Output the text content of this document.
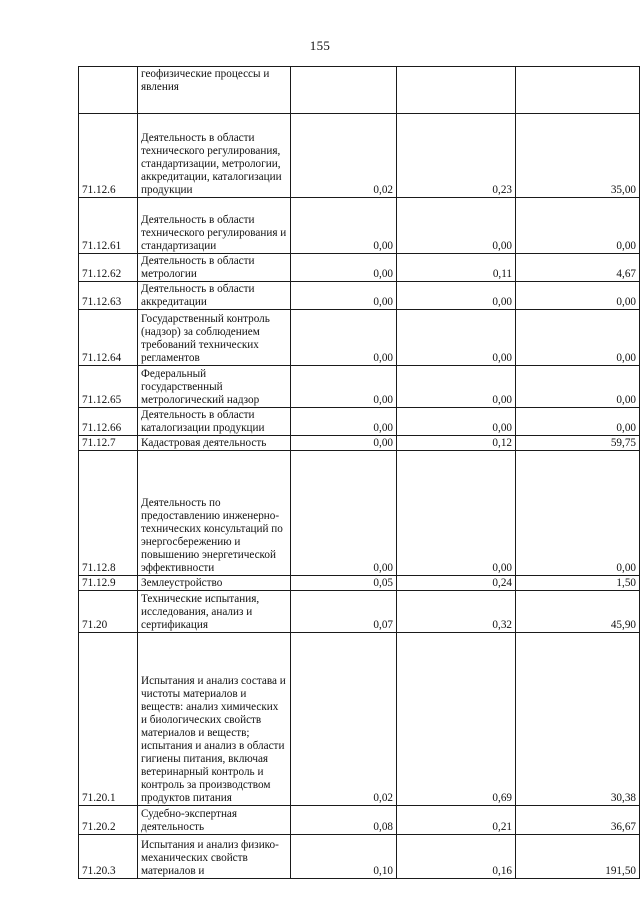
155

	геофизические процессы и явления			

71.12.6	Деятельность в области технического регулирования, стандартизации, метрологии, аккредитации, каталогизации продукции	0,02	0,23	35,00
71.12.61	Деятельность в области технического регулирования и стандартизации	0,00	0,00	0,00
71.12.62	Деятельность в области метрологии	0,00	0,11	4,67
71.12.63	Деятельность в области аккредитации	0,00	0,00	0,00
71.12.64	Государственный контроль (надзор) за соблюдением требований технических регламентов	0,00	0,00	0,00
71.12.65	Федеральный государственный метрологический надзор	0,00	0,00	0,00
71.12.66	Деятельность в области каталогизации продукции	0,00	0,00	0,00
71.12.7	Кадастровая деятельность	0,00	0,12	59,75
71.12.8	Деятельность по предоставлению инженерно-технических консультаций по энергосбережению и повышению энергетической эффективности	0,00	0,00	0,00
71.12.9	Землеустройство	0,05	0,24	1,50
71.20	Технические испытания, исследования, анализ и сертификация	0,07	0,32	45,90
71.20.1	Испытания и анализ состава и чистоты материалов и веществ: анализ химических и биологических свойств материалов и веществ; испытания и анализ в области гигиены питания, включая ветеринарный контроль и контроль за производством продуктов питания	0,02	0,69	30,38
71.20.2	Судебно-экспертная деятельность	0,08	0,21	36,67
71.20.3	Испытания и анализ физико-механических свойств материалов и	0,10	0,16	191,50
